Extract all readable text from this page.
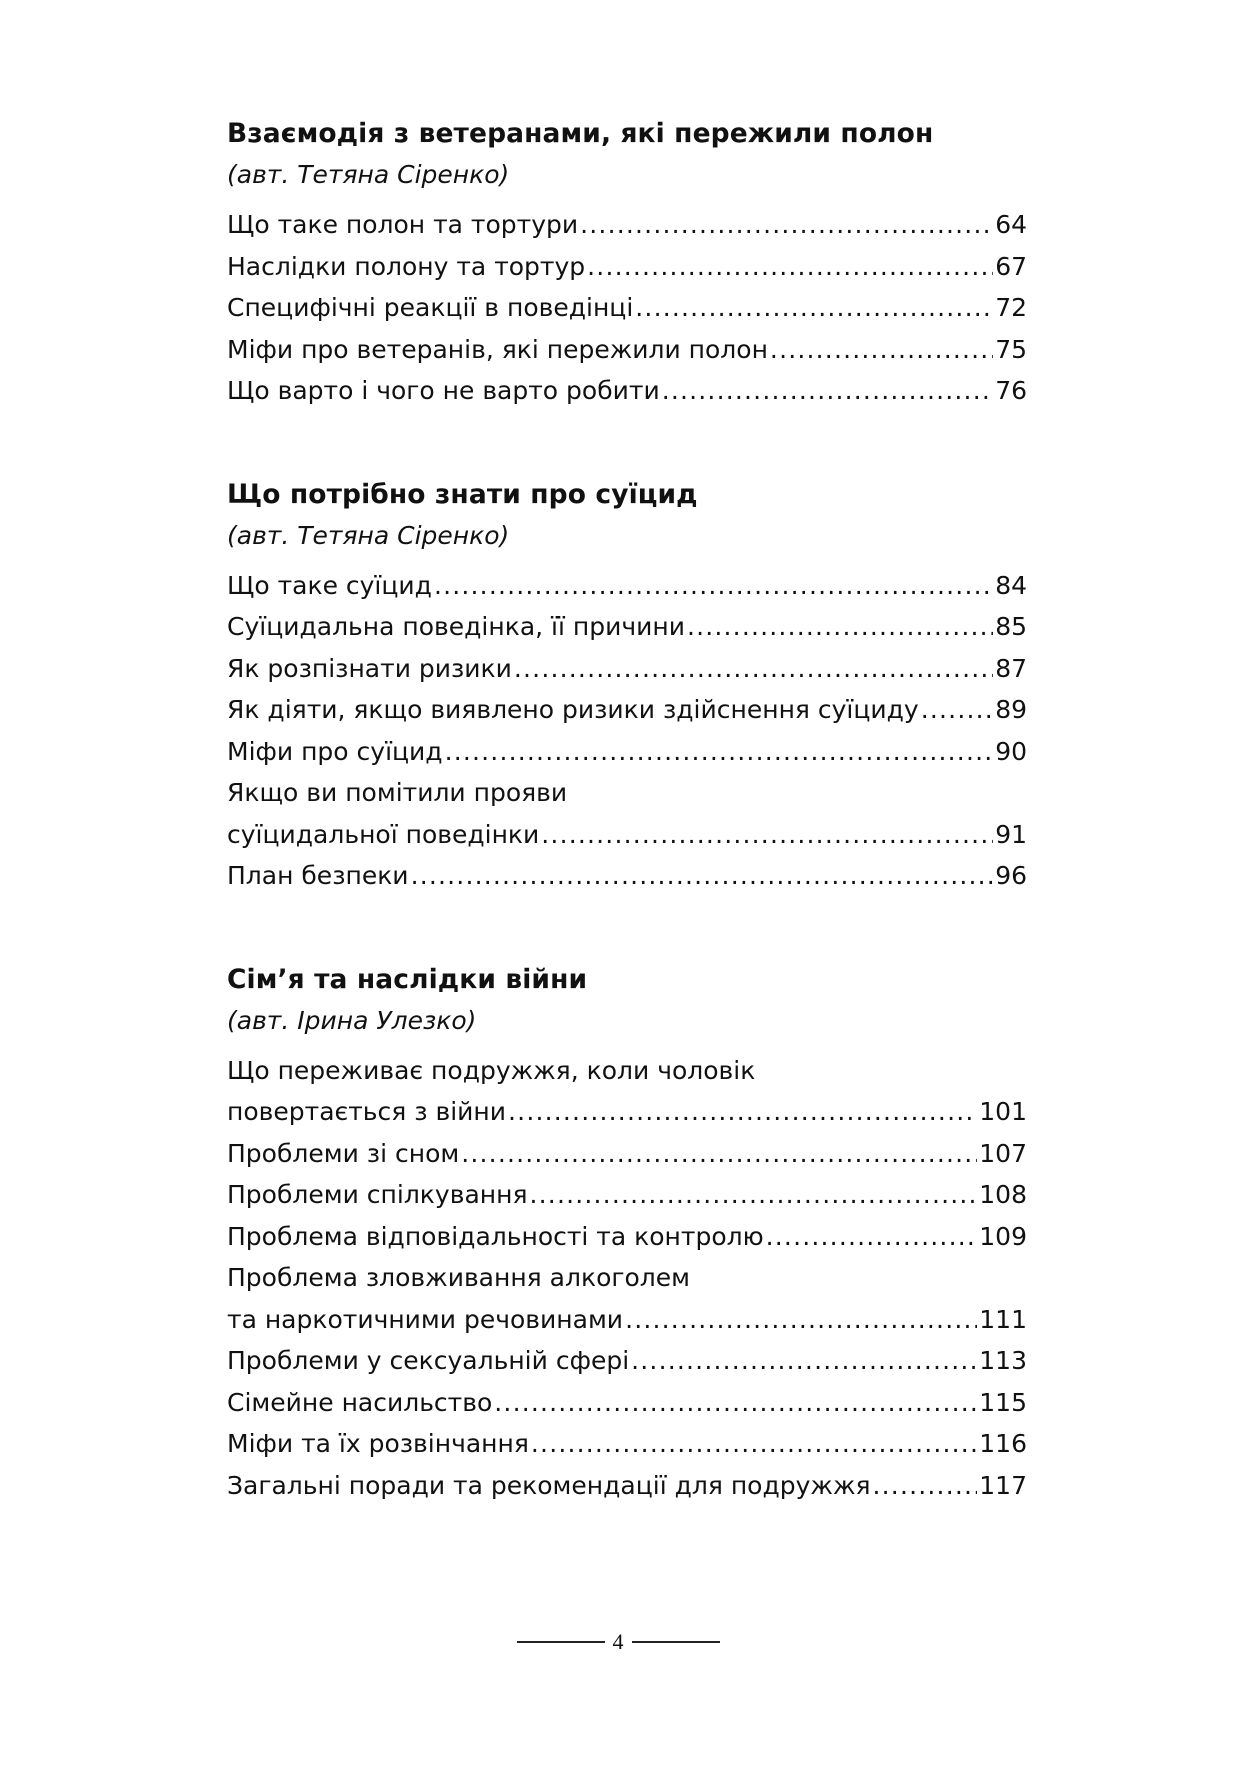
Взаємодія з ветеранами, які пережили полон
(авт. Тетяна Сіренко)
Що таке полон та тортури .....	64
Наслідки полону та тортур .....	67
Специфічні реакції в поведінці .....	72
Міфи про ветеранів, які пережили полон .....	75
Що варто і чого не варто робити .....	76
Що потрібно знати про суїцид
(авт. Тетяна Сіренко)
Що таке суїцид .....	84
Суїцидальна поведінка, її причини .....	85
Як розпізнати ризики .....	87
Як діяти, якщо виявлено ризики здійснення суїциду .....	89
Міфи про суїцид .....	90
Якщо ви помітили прояви
суїцидальної поведінки .....	91
План безпеки .....	96
Сім’я та наслідки війни
(авт. Ірина Улезко)
Що переживає подружжя, коли чоловік
повертається з війни .....	101
Проблеми зі сном .....	107
Проблеми спілкування .....	108
Проблема відповідальності та контролю .....	109
Проблема зловживання алкоголем
та наркотичними речовинами .....	111
Проблеми у сексуальній сфері .....	113
Сімейне насильство .....	115
Міфи та їх розвінчання .....	116
Загальні поради та рекомендації для подружжя .....	117
4
